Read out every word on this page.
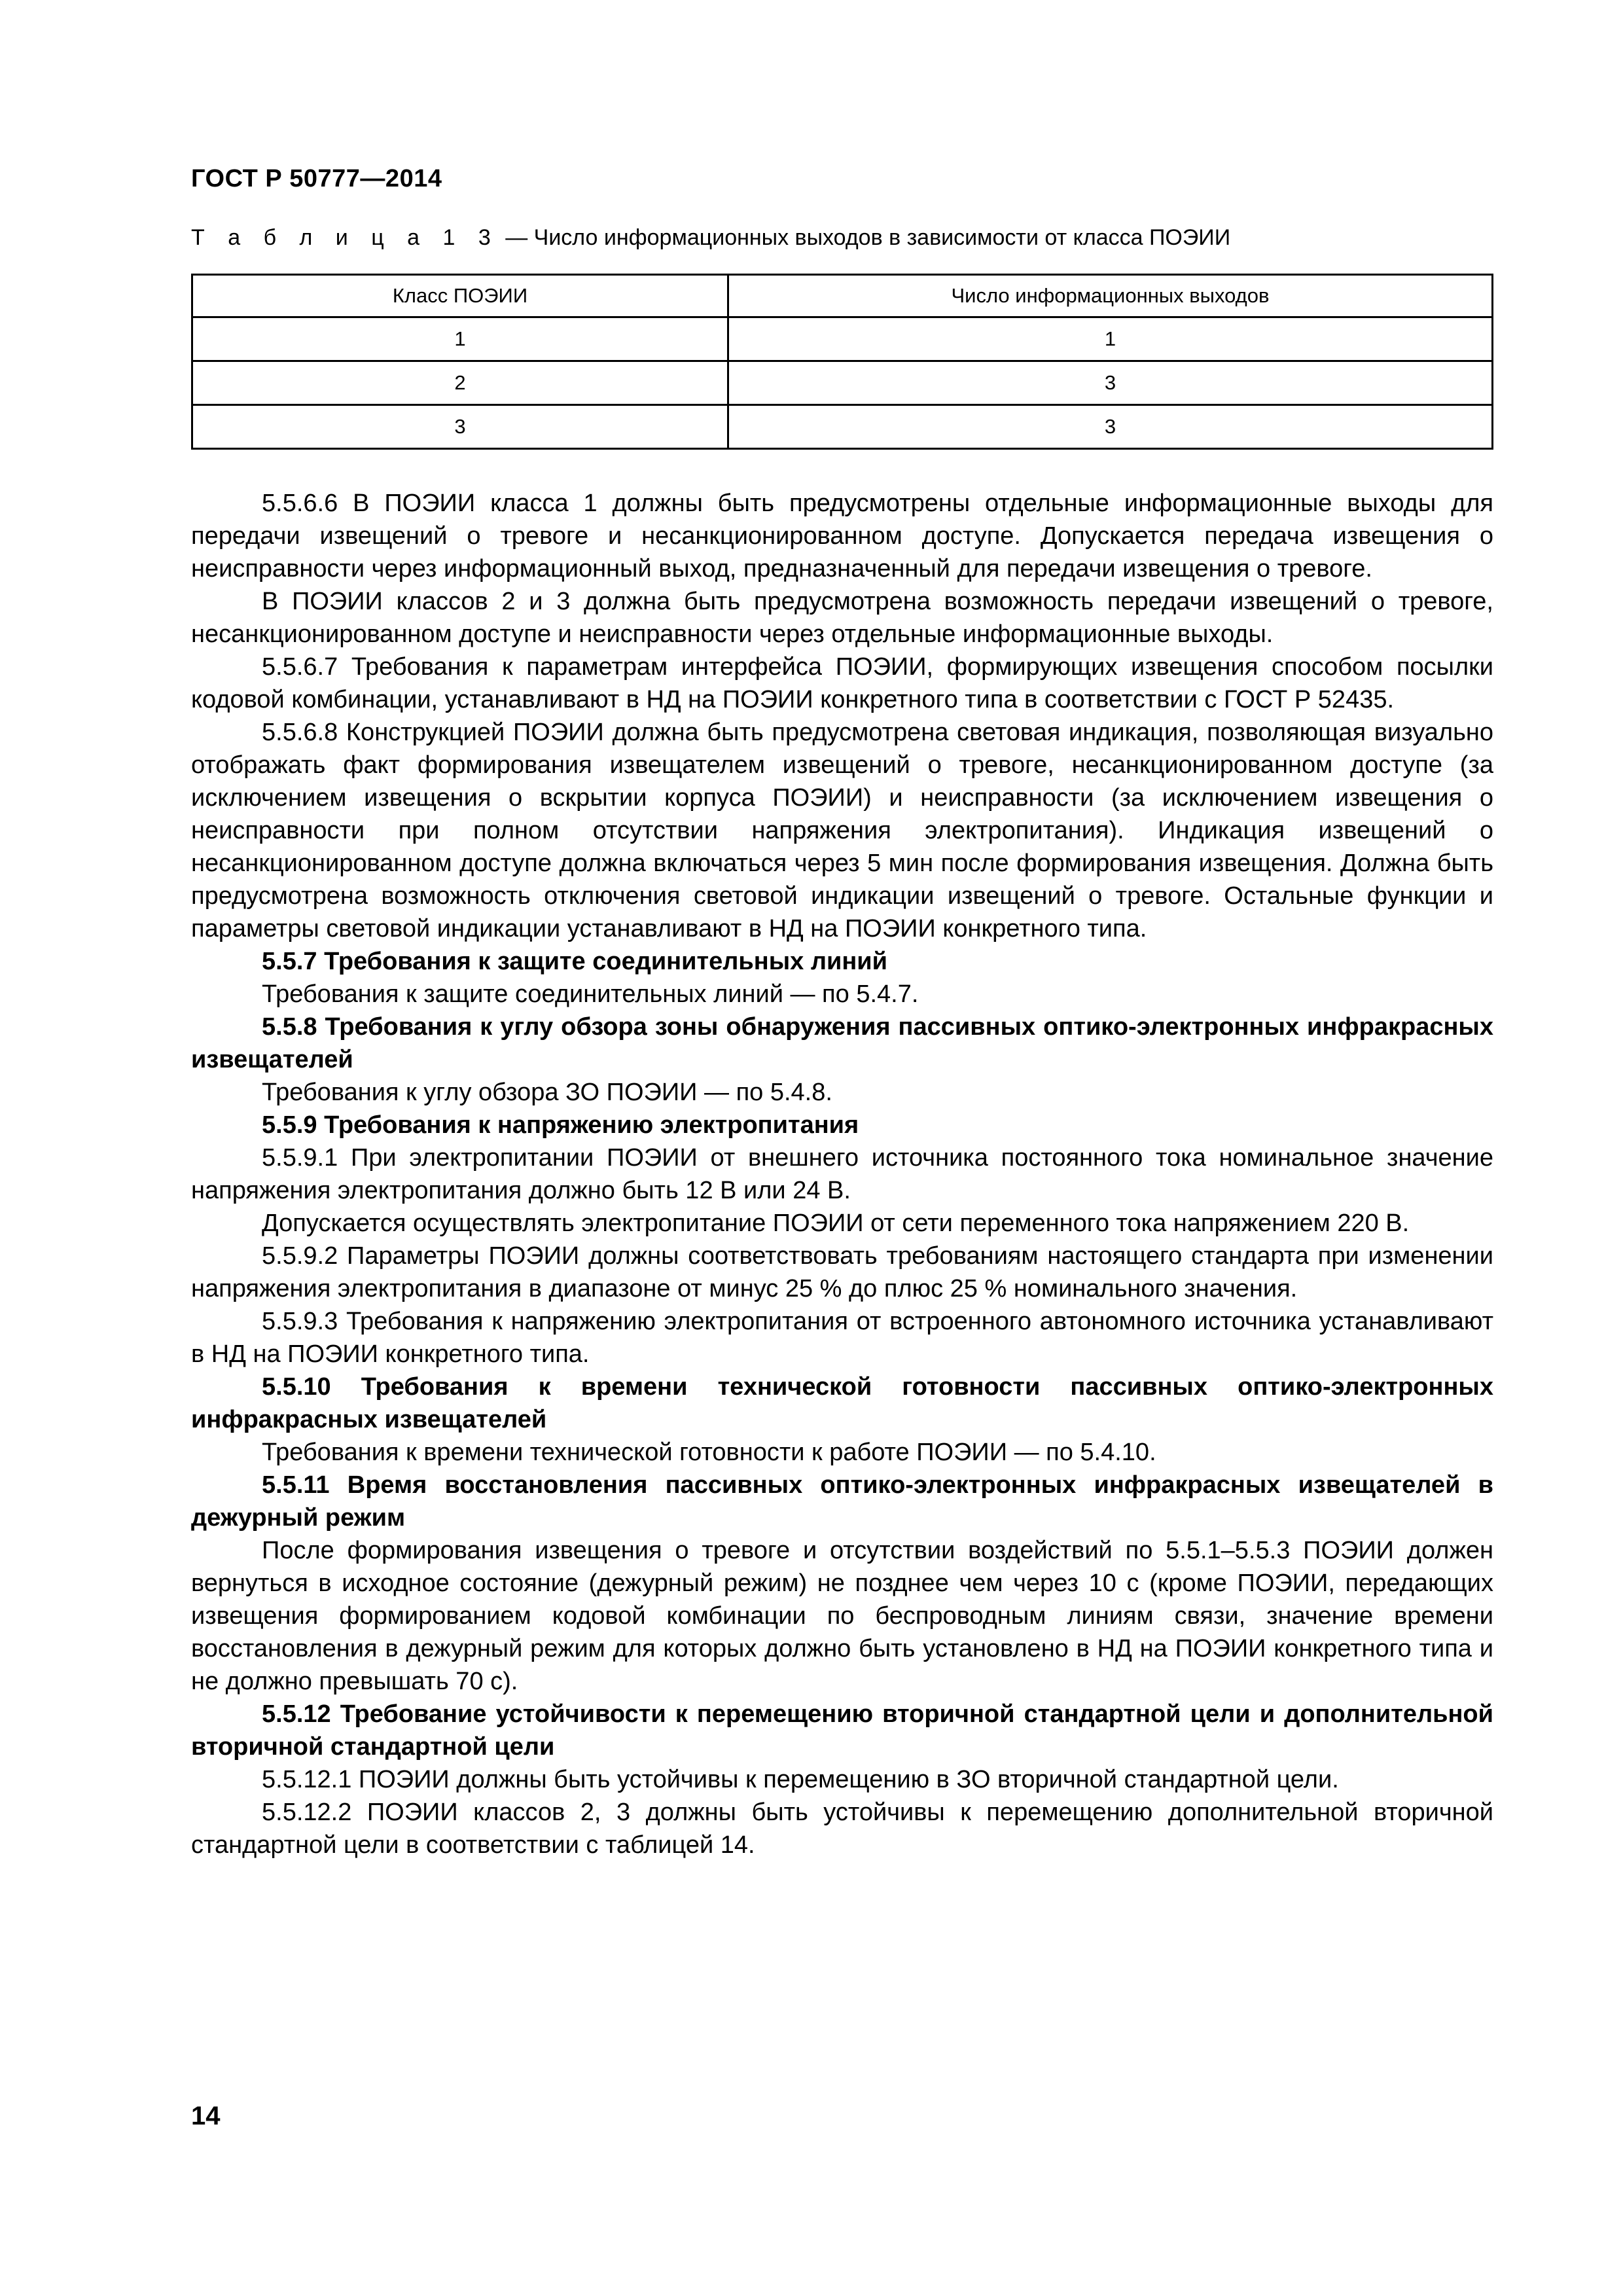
ГОСТ Р 50777—2014
Т а б л и ц а 1 3 — Число информационных выходов в зависимости от класса ПОЭИИ
Класс ПОЭИИ	Число информационных выходов
1	1
2	3
3	3

5.5.6.6 В ПОЭИИ класса 1 должны быть предусмотрены отдельные информационные выходы для передачи извещений о тревоге и несанкционированном доступе. Допускается передача извещения о неисправности через информационный выход, предназначенный для передачи извещения о тревоге.

В ПОЭИИ классов 2 и 3 должна быть предусмотрена возможность передачи извещений о тревоге, несанкционированном доступе и неисправности через отдельные информационные выходы.

5.5.6.7 Требования к параметрам интерфейса ПОЭИИ, формирующих извещения способом посылки кодовой комбинации, устанавливают в НД на ПОЭИИ конкретного типа в соответствии с ГОСТ Р 52435.

5.5.6.8 Конструкцией ПОЭИИ должна быть предусмотрена световая индикация, позволяющая визуально отображать факт формирования извещателем извещений о тревоге, несанкционированном доступе (за исключением извещения о вскрытии корпуса ПОЭИИ) и неисправности (за исключением извещения о неисправности при полном отсутствии напряжения электропитания). Индикация извещений о несанкционированном доступе должна включаться через 5 мин после формирования извещения. Должна быть предусмотрена возможность отключения световой индикации извещений о тревоге. Остальные функции и параметры световой индикации устанавливают в НД на ПОЭИИ конкретного типа.

5.5.7 Требования к защите соединительных линий

Требования к защите соединительных линий — по 5.4.7.

5.5.8 Требования к углу обзора зоны обнаружения пассивных оптико-электронных инфракрасных извещателей

Требования к углу обзора ЗО ПОЭИИ — по 5.4.8.

5.5.9 Требования к напряжению электропитания

5.5.9.1 При электропитании ПОЭИИ от внешнего источника постоянного тока номинальное значение напряжения электропитания должно быть 12 В или 24 В.

Допускается осуществлять электропитание ПОЭИИ от сети переменного тока напряжением 220 В.

5.5.9.2 Параметры ПОЭИИ должны соответствовать требованиям настоящего стандарта при изменении напряжения электропитания в диапазоне от минус 25 % до плюс 25 % номинального значения.

5.5.9.3 Требования к напряжению электропитания от встроенного автономного источника устанавливают в НД на ПОЭИИ конкретного типа.

5.5.10 Требования к времени технической готовности пассивных оптико-электронных инфракрасных извещателей

Требования к времени технической готовности к работе ПОЭИИ — по 5.4.10.

5.5.11 Время восстановления пассивных оптико-электронных инфракрасных извещателей в дежурный режим

После формирования извещения о тревоге и отсутствии воздействий по 5.5.1–5.5.3 ПОЭИИ должен вернуться в исходное состояние (дежурный режим) не позднее чем через 10 с (кроме ПОЭИИ, передающих извещения формированием кодовой комбинации по беспроводным линиям связи, значение времени восстановления в дежурный режим для которых должно быть установлено в НД на ПОЭИИ конкретного типа и не должно превышать 70 с).

5.5.12 Требование устойчивости к перемещению вторичной стандартной цели и дополнительной вторичной стандартной цели

5.5.12.1 ПОЭИИ должны быть устойчивы к перемещению в ЗО вторичной стандартной цели.

5.5.12.2 ПОЭИИ классов 2, 3 должны быть устойчивы к перемещению дополнительной вторичной стандартной цели в соответствии с таблицей 14.

14
